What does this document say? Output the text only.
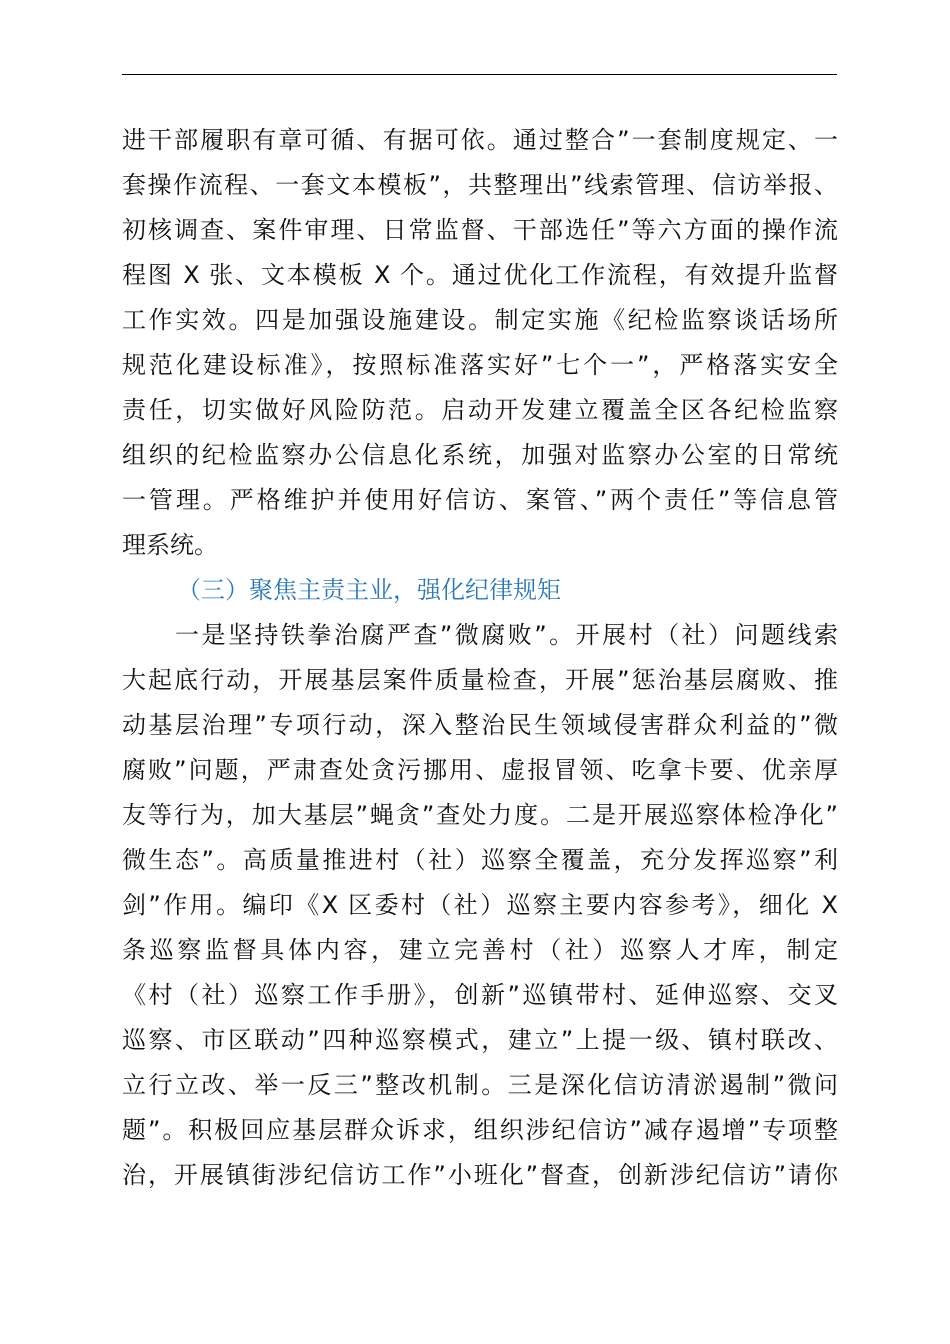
进干部履职有章可循、有据可依。通过整合”一套制度规定、一
套操作流程、一套文本模板”，共整理出”线索管理、信访举报、
初核调查、案件审理、日常监督、干部选任”等六方面的操作流
程图 X 张、文本模板 X 个。通过优化工作流程，有效提升监督
工作实效。四是加强设施建设。制定实施《纪检监察谈话场所
规范化建设标准》，按照标准落实好”七个一”，严格落实安全
责任，切实做好风险防范。启动开发建立覆盖全区各纪检监察
组织的纪检监察办公信息化系统，加强对监察办公室的日常统
一管理。严格维护并使用好信访、案管、”两个责任”等信息管
理系统。
（三）聚焦主责主业，强化纪律规矩
　　一是坚持铁拳治腐严查”微腐败”。开展村（社）问题线索
大起底行动，开展基层案件质量检查，开展”惩治基层腐败、推
动基层治理”专项行动，深入整治民生领域侵害群众利益的”微
腐败”问题，严肃查处贪污挪用、虚报冒领、吃拿卡要、优亲厚
友等行为，加大基层”蝇贪”查处力度。二是开展巡察体检净化”
微生态”。高质量推进村（社）巡察全覆盖，充分发挥巡察”利
剑”作用。编印《X 区委村（社）巡察主要内容参考》，细化 X
条巡察监督具体内容，建立完善村（社）巡察人才库，制定
《村（社）巡察工作手册》，创新”巡镇带村、延伸巡察、交叉
巡察、市区联动”四种巡察模式，建立”上提一级、镇村联改、
立行立改、举一反三”整改机制。三是深化信访清淤遏制”微问
题”。积极回应基层群众诉求，组织涉纪信访”减存遏增”专项整
治，开展镇街涉纪信访工作”小班化”督查，创新涉纪信访”请你
